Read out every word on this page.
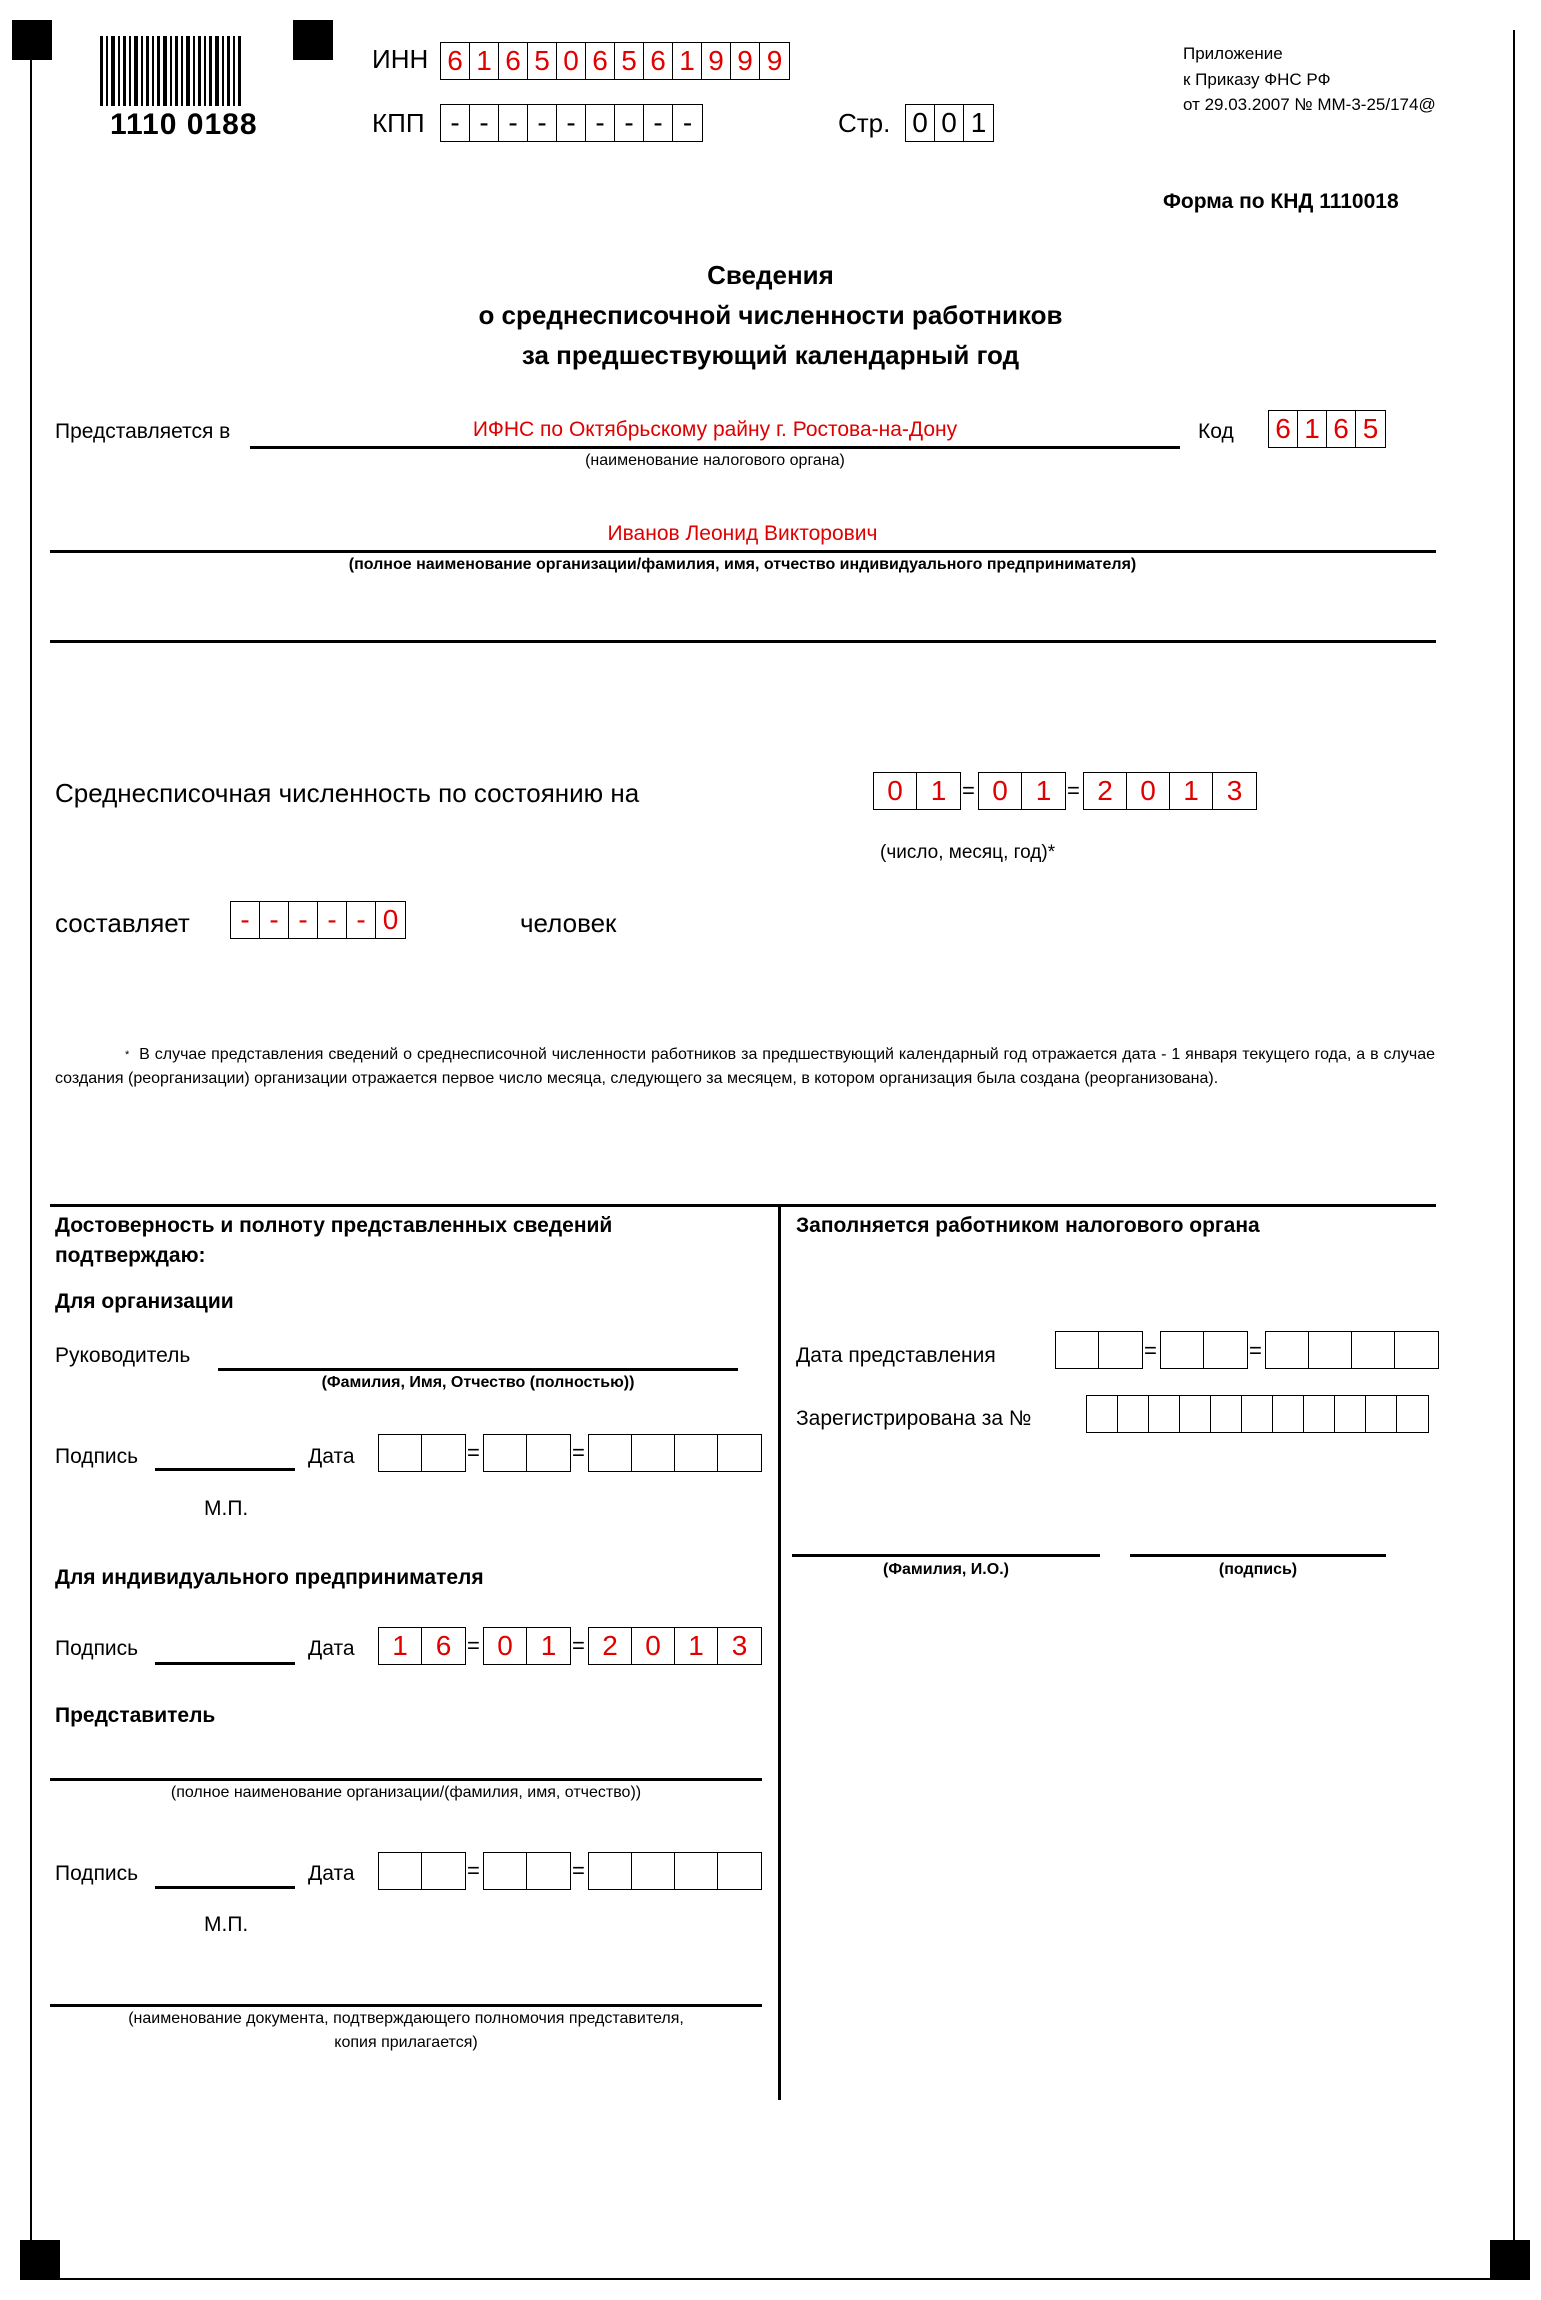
1110 0188
ИНН 6 1 6 5 0 6 5 6 1 9 9 9
КПП - - - - - - - - -	Стр. 0 0 1
Приложение
к Приказу ФНС РФ
от 29.03.2007 № ММ-3-25/174@
Форма по КНД 1110018
Сведения
о среднесписочной численности работников
за предшествующий календарный год
Представляется в	ИФНС по Октябрьскому райну г. Ростова-на-Дону
(наименование налогового органа)
Код 6 1 6 5
Иванов Леонид Викторович
(полное наименование организации/фамилия, имя, отчество индивидуального предпринимателя)
Среднесписочная численность по состоянию на	0 1 = 0 1 = 2 0 1 3
(число, месяц, год)*
составляет	- - - - - 0	человек
* В случае представления сведений о среднесписочной численности работников за предшествующий календарный год отражается дата - 1 января текущего года, а в случае создания (реорганизации) организации отражается первое число месяца, следующего за месяцем, в котором организация была создана (реорганизована).
Достоверность и полноту представленных сведений
подтверждаю:
Для организации
Руководитель
(Фамилия, Имя, Отчество (полностью))
Подпись	Дата	=	=
М.П.
Для индивидуального предпринимателя
Подпись	Дата	1 6 = 0 1 = 2 0 1 3
Представитель
(полное наименование организации/(фамилия, имя, отчество))
Подпись	Дата	=	=
М.П.
(наименование документа, подтверждающего полномочия представителя,
копия прилагается)
Заполняется работником налогового органа
Дата представления	=	=
Зарегистрирована за №
(Фамилия, И.О.)	(подпись)
